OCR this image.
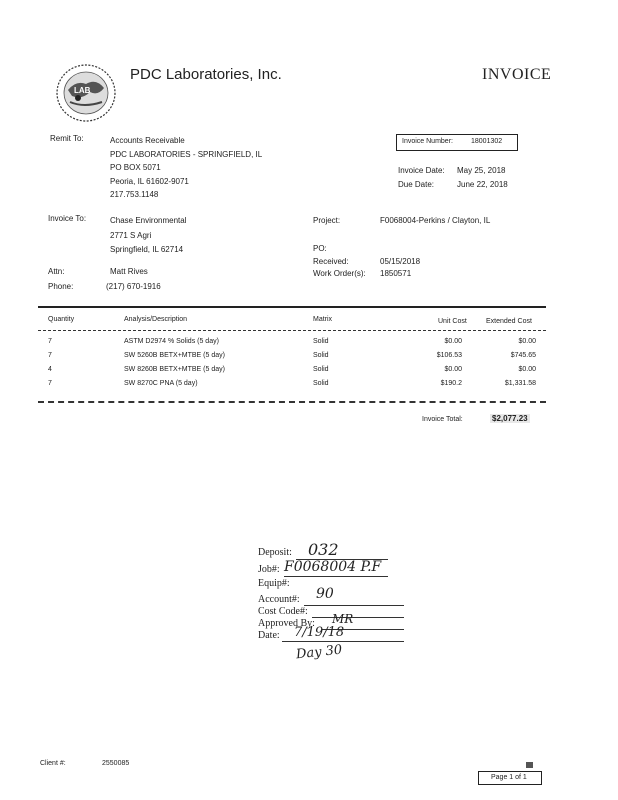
LAB
PDC Laboratories, Inc.	INVOICE
Remit To:	Accounts Receivable
PDC LABORATORIES - SPRINGFIELD, IL
PO BOX 5071
Peoria, IL 61602-9071
217.753.1148
Invoice Number:	18001302
Invoice Date: May 25, 2018
Due Date:	June 22, 2018
Invoice To:	Chase Environmental
2771 S Agri
Springfield, IL 62714
Attn:	Matt Rives
Phone:	(217) 670-1916
Project:	F0068004-Perkins / Clayton, IL
PO:
Received:	05/15/2018
Work Order(s): 1850571
Quantity	Analysis/Description	Matrix	Unit Cost	Extended Cost
7	ASTM D2974 % Solids (5 day)	Solid	$0.00	$0.00
7	SW 5260B BETX+MTBE (5 day)	Solid	$106.53	$745.65
4	SW 8260B BETX+MTBE (5 day)	Solid	$0.00	$0.00
7	SW 8270C PNA (5 day)	Solid	$190.2	$1,331.58
Invoice Total:	$2,077.23
Deposit: 032
Job#: F0068004 P.F
Equip#:
Account#: 90
Cost Code#:
Approved By: MR
Date: 7/19/18
Day 30
Client #:	2550085
Page 1 of 1
